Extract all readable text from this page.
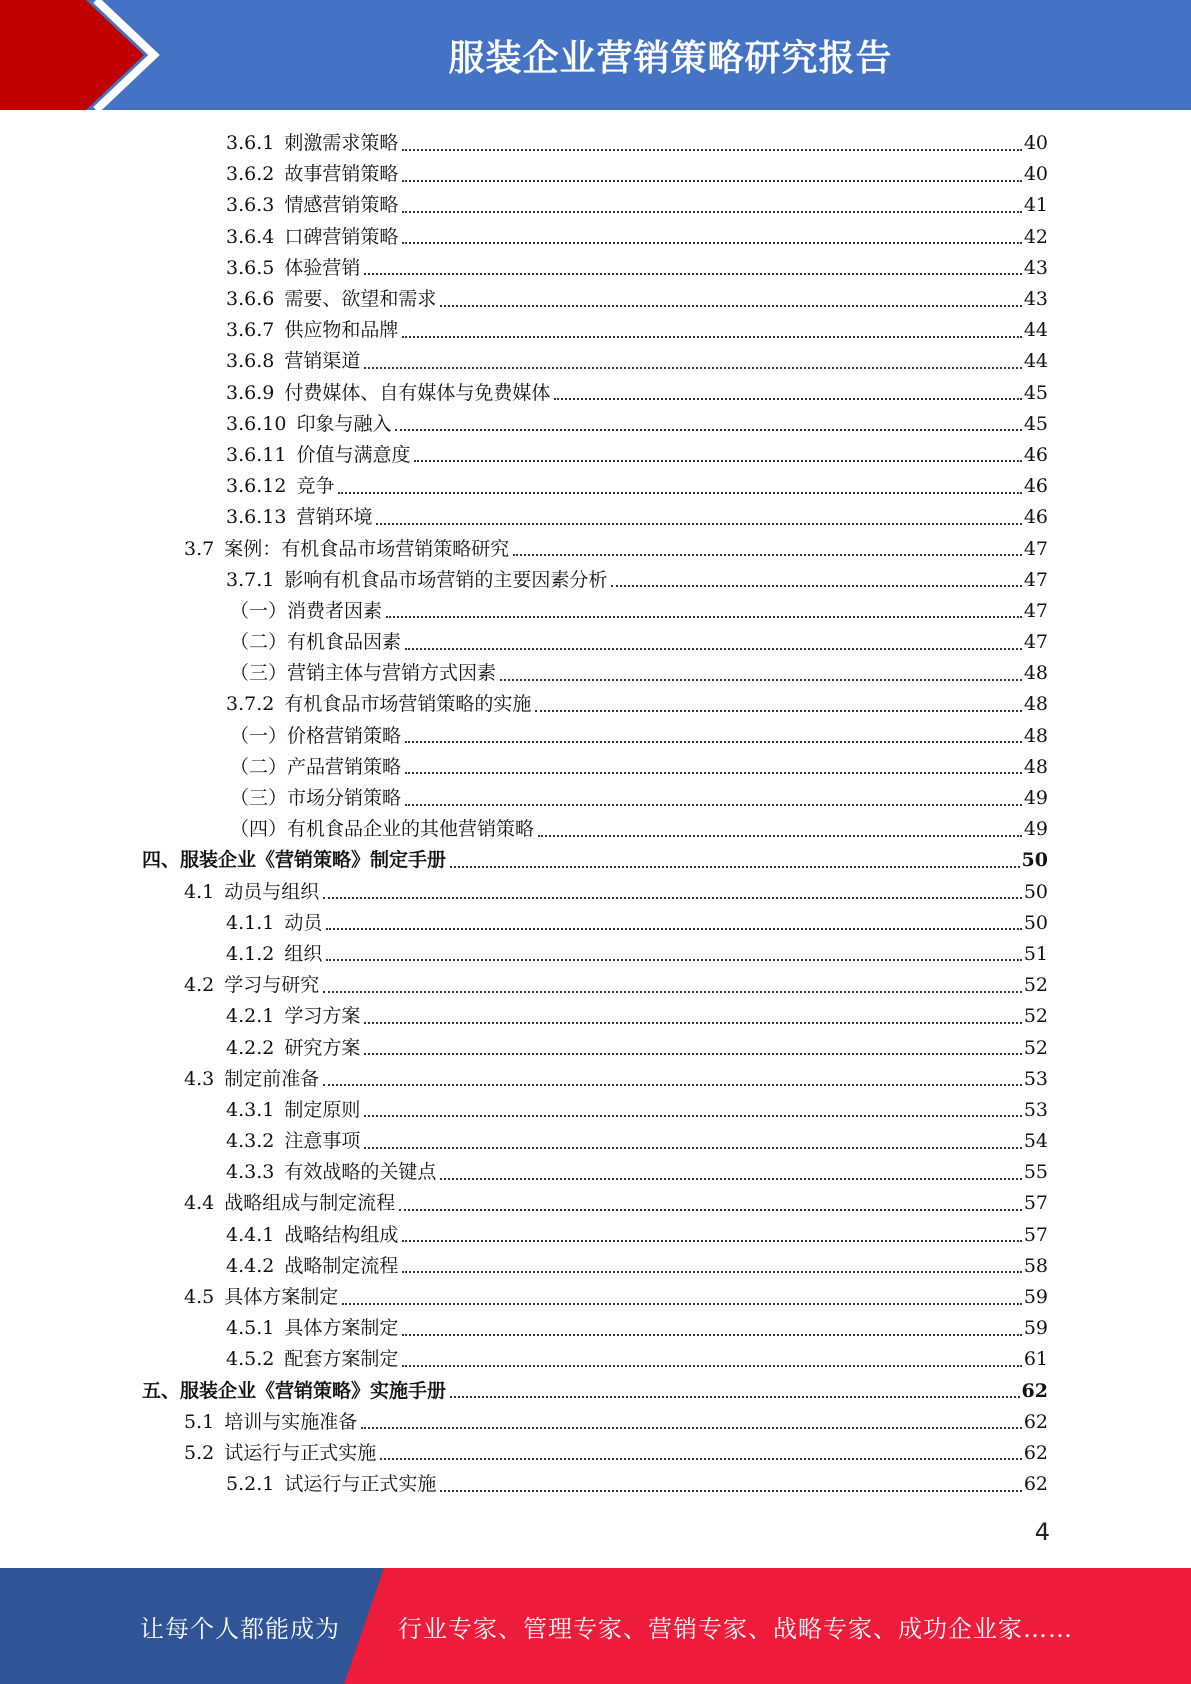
服装企业营销策略研究报告
3.6.1 刺激需求策略	40
3.6.2 故事营销策略	40
3.6.3 情感营销策略	41
3.6.4 口碑营销策略	42
3.6.5 体验营销	43
3.6.6 需要、欲望和需求	43
3.6.7 供应物和品牌	44
3.6.8 营销渠道	44
3.6.9 付费媒体、自有媒体与免费媒体	45
3.6.10 印象与融入	45
3.6.11 价值与满意度	46
3.6.12 竞争	46
3.6.13 营销环境	46
3.7 案例：有机食品市场营销策略研究	47
3.7.1 影响有机食品市场营销的主要因素分析	47
（一）消费者因素	47
（二）有机食品因素	47
（三）营销主体与营销方式因素	48
3.7.2 有机食品市场营销策略的实施	48
（一）价格营销策略	48
（二）产品营销策略	48
（三）市场分销策略	49
（四）有机食品企业的其他营销策略	49
四、服装企业《营销策略》制定手册	50
4.1 动员与组织	50
4.1.1 动员	50
4.1.2 组织	51
4.2 学习与研究	52
4.2.1 学习方案	52
4.2.2 研究方案	52
4.3 制定前准备	53
4.3.1 制定原则	53
4.3.2 注意事项	54
4.3.3 有效战略的关键点	55
4.4 战略组成与制定流程	57
4.4.1 战略结构组成	57
4.4.2 战略制定流程	58
4.5 具体方案制定	59
4.5.1 具体方案制定	59
4.5.2 配套方案制定	61
五、服装企业《营销策略》实施手册	62
5.1 培训与实施准备	62
5.2 试运行与正式实施	62
5.2.1 试运行与正式实施	62
4
让每个人都能成为 行业专家、管理专家、营销专家、战略专家、成功企业家……
